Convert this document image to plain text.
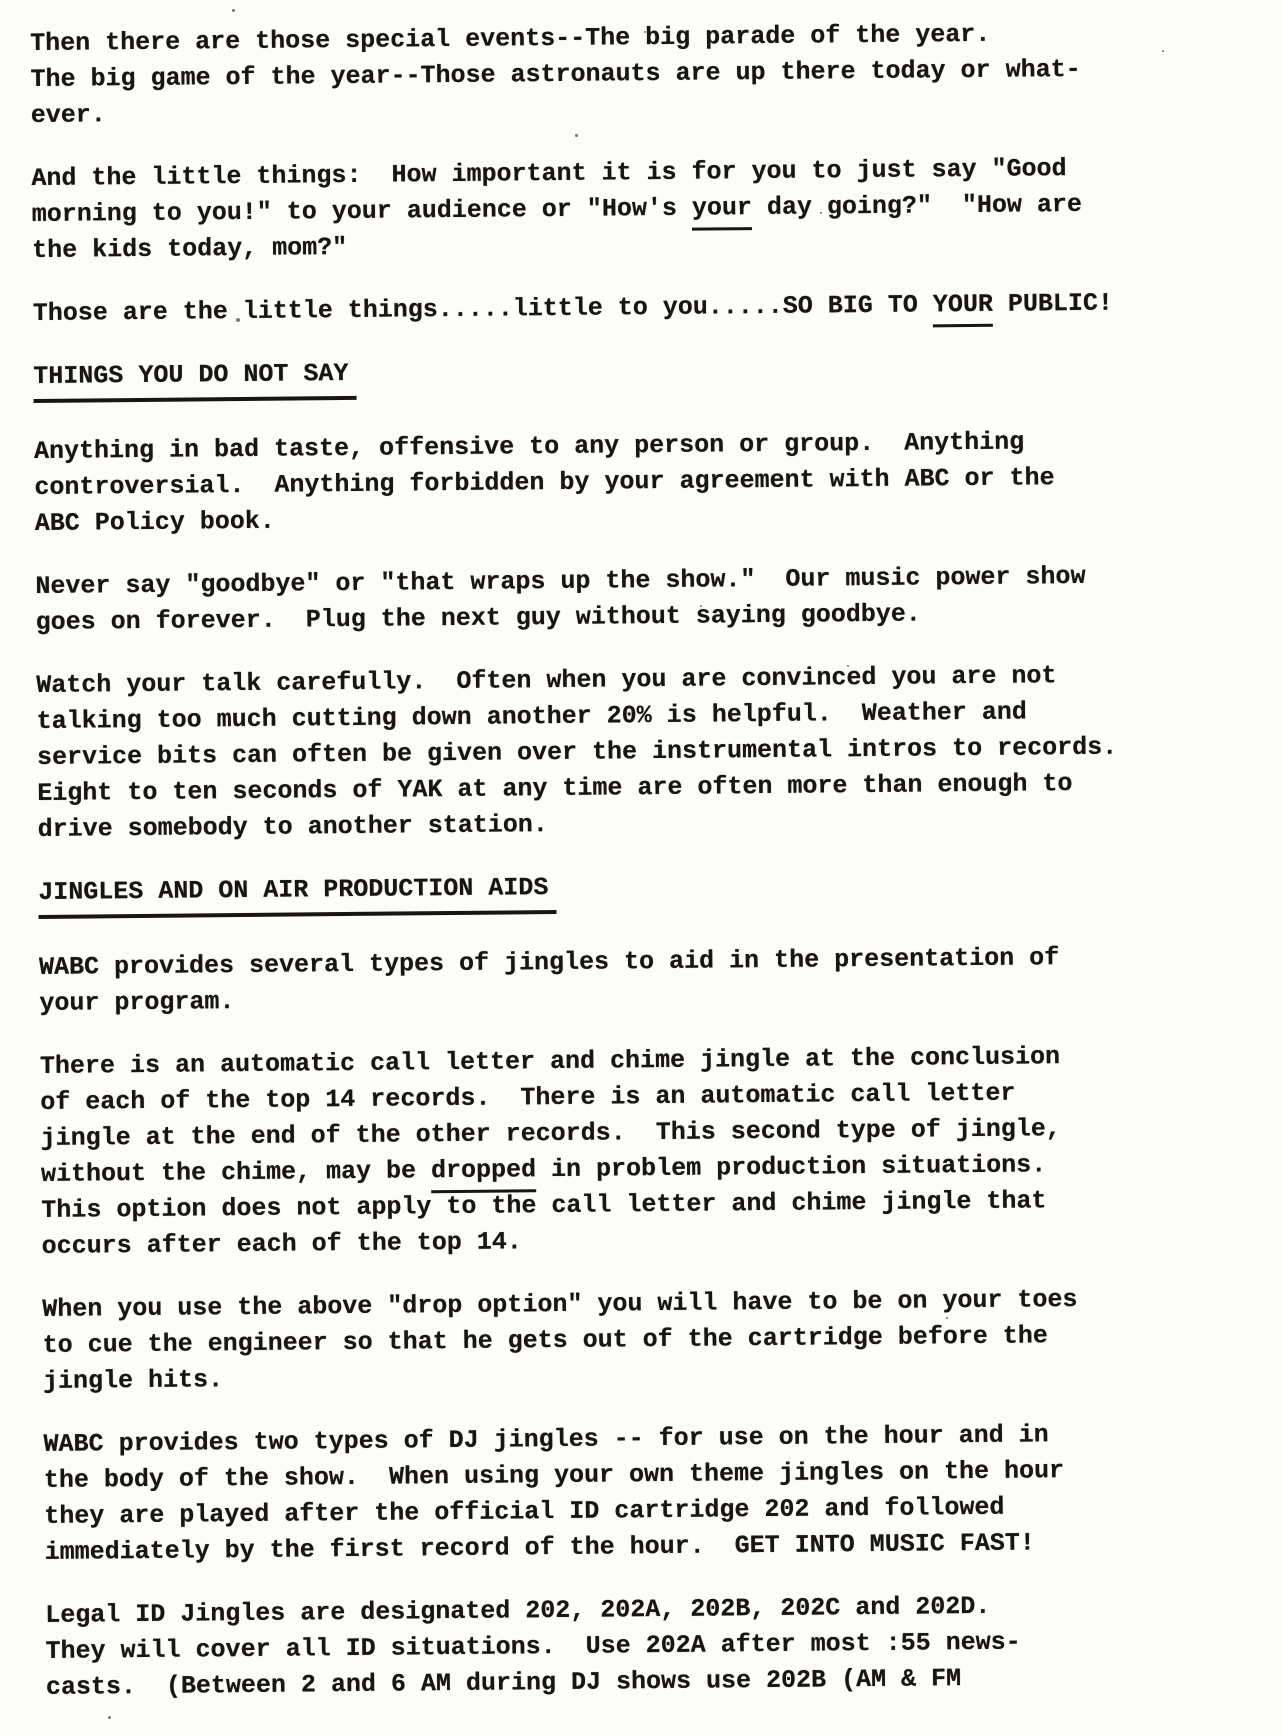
Then there are those special events--The big parade of the year.
The big game of the year--Those astronauts are up there today or what-
ever.
And the little things:  How important it is for you to just say "Good
morning to you!" to your audience or "How's your day going?"  "How are
the kids today, mom?"
Those are the little things.....little to you.....SO BIG TO YOUR PUBLIC!
THINGS YOU DO NOT SAY
Anything in bad taste, offensive to any person or group.  Anything
controversial.  Anything forbidden by your agreement with ABC or the
ABC Policy book.
Never say "goodbye" or "that wraps up the show."  Our music power show
goes on forever.  Plug the next guy without saying goodbye.
Watch your talk carefully.  Often when you are convinced you are not
talking too much cutting down another 20% is helpful.  Weather and
service bits can often be given over the instrumental intros to records.
Eight to ten seconds of YAK at any time are often more than enough to
drive somebody to another station.
JINGLES AND ON AIR PRODUCTION AIDS
WABC provides several types of jingles to aid in the presentation of
your program.
There is an automatic call letter and chime jingle at the conclusion
of each of the top 14 records.  There is an automatic call letter
jingle at the end of the other records.  This second type of jingle,
without the chime, may be dropped in problem production situations.
This option does not apply to the call letter and chime jingle that
occurs after each of the top 14.
When you use the above "drop option" you will have to be on your toes
to cue the engineer so that he gets out of the cartridge before the
jingle hits.
WABC provides two types of DJ jingles -- for use on the hour and in
the body of the show.  When using your own theme jingles on the hour
they are played after the official ID cartridge 202 and followed
immediately by the first record of the hour.  GET INTO MUSIC FAST!
Legal ID Jingles are designated 202, 202A, 202B, 202C and 202D.
They will cover all ID situations.  Use 202A after most :55 news-
casts.  (Between 2 and 6 AM during DJ shows use 202B (AM & FM
